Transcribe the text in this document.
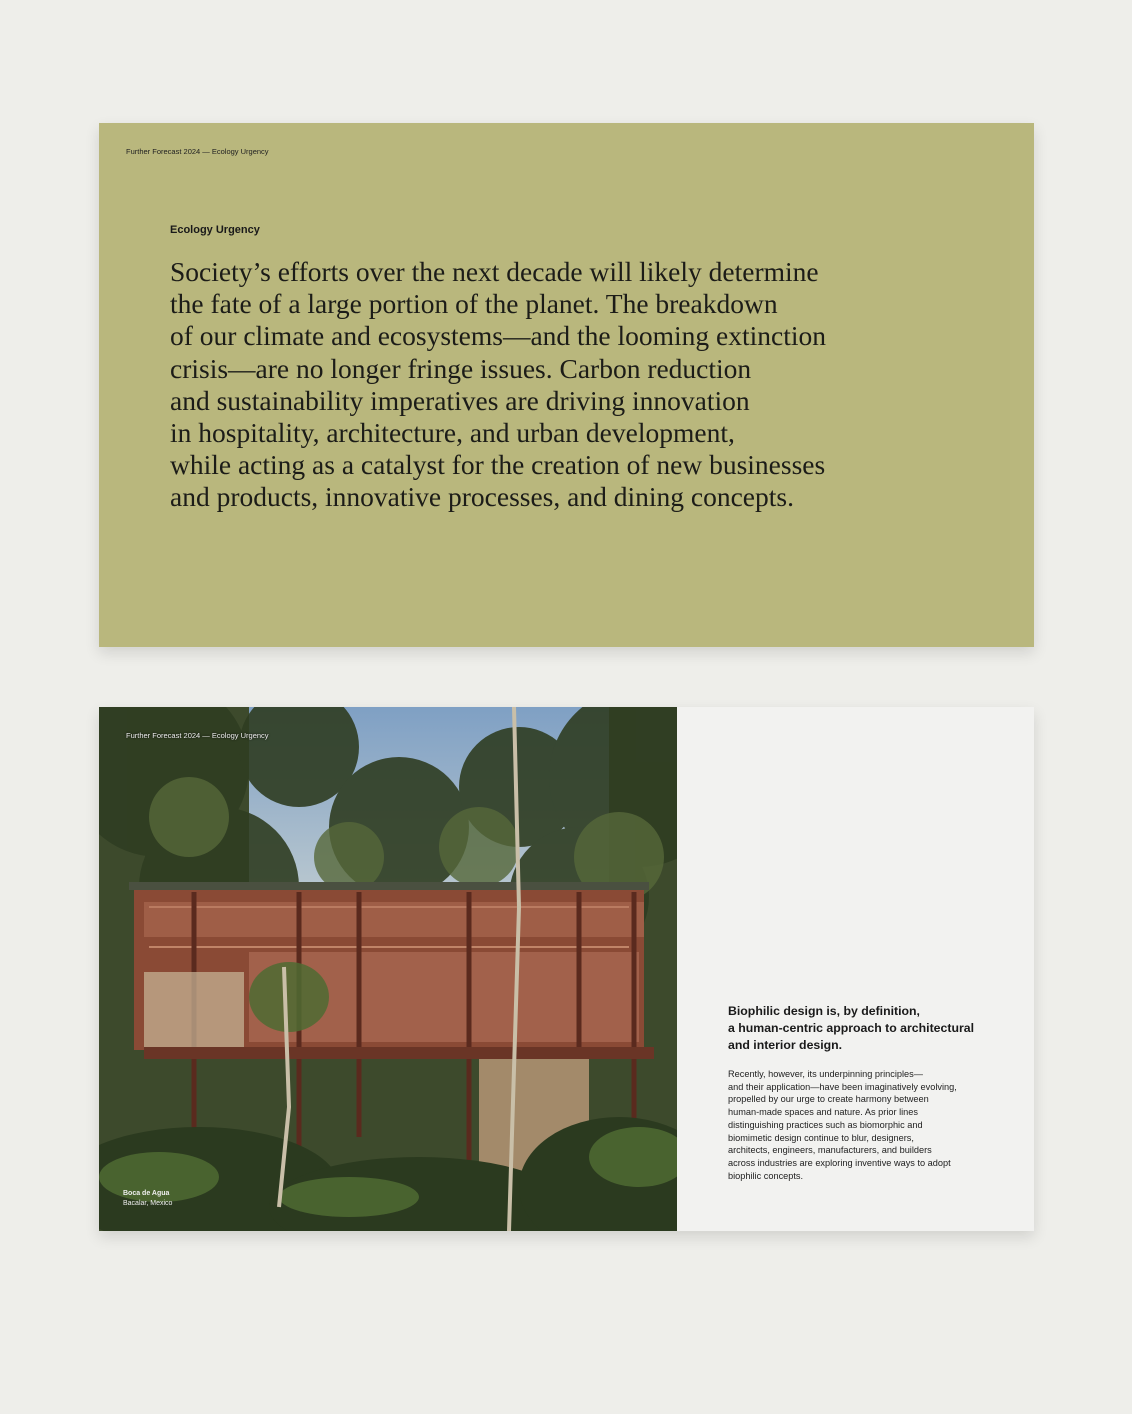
Further Forecast 2024 — Ecology Urgency
Ecology Urgency
Society’s efforts over the next decade will likely determine
the fate of a large portion of the planet. The breakdown
of our climate and ecosystems—and the looming extinction
crisis—are no longer fringe issues. Carbon reduction
and sustainability imperatives are driving innovation
in hospitality, architecture, and urban development,
while acting as a catalyst for the creation of new businesses
and products, innovative processes, and dining concepts.
Further Forecast 2024 — Ecology Urgency
Boca de Agua
Bacalar, Mexico
Biophilic design is, by definition,
a human-centric approach to architectural
and interior design.
Recently, however, its underpinning principles—
and their application—have been imaginatively evolving,
propelled by our urge to create harmony between
human-made spaces and nature. As prior lines
distinguishing practices such as biomorphic and
biomimetic design continue to blur, designers,
architects, engineers, manufacturers, and builders
across industries are exploring inventive ways to adopt
biophilic concepts.
